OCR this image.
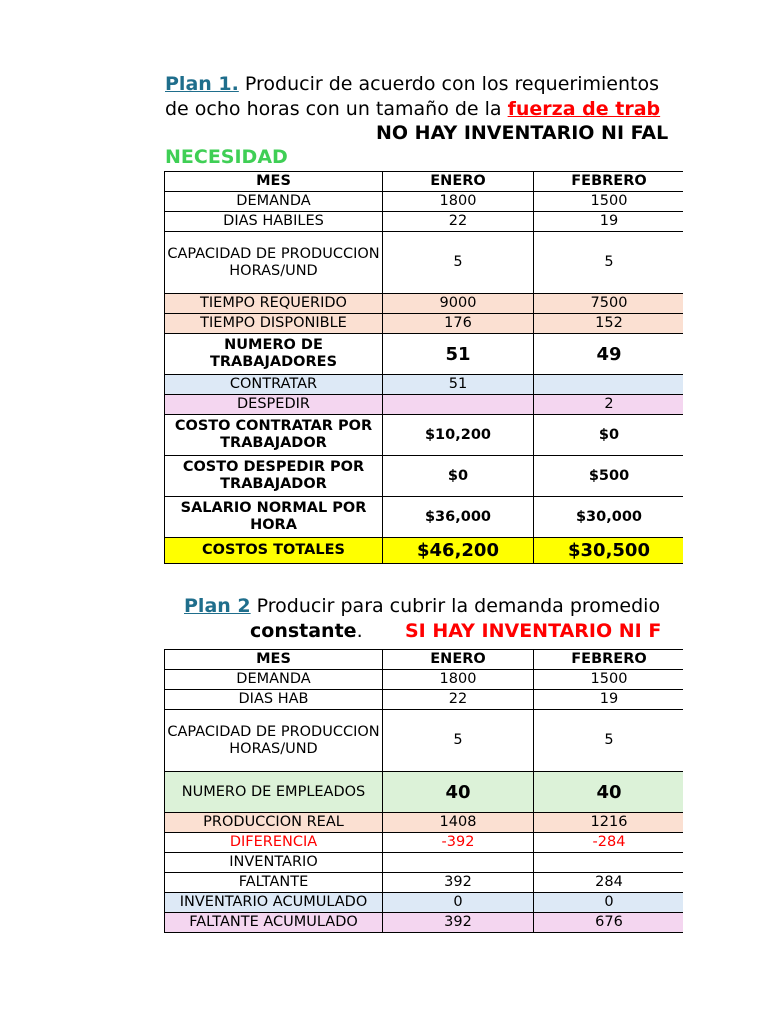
Plan 1. Producir de acuerdo con los requerimientos
de ocho horas con un tamaño de la fuerza de trab
NO HAY INVENTARIO NI FAL
NECESIDAD
MES	ENERO	FEBRERO
DEMANDA	1800	1500
DIAS HABILES	22	19
CAPACIDAD DE PRODUCCION HORAS/UND	5	5
TIEMPO REQUERIDO	9000	7500
TIEMPO DISPONIBLE	176	152
NUMERO DE TRABAJADORES	51	49
CONTRATAR	51	
DESPEDIR		2
COSTO CONTRATAR POR TRABAJADOR	$10,200	$0
COSTO DESPEDIR POR TRABAJADOR	$0	$500
SALARIO NORMAL POR HORA	$36,000	$30,000
COSTOS TOTALES	$46,200	$30,500
Plan 2 Producir para cubrir la demanda promedio
constante. SI HAY INVENTARIO NI F
MES	ENERO	FEBRERO
DEMANDA	1800	1500
DIAS HAB	22	19
CAPACIDAD DE PRODUCCION HORAS/UND	5	5
NUMERO DE EMPLEADOS	40	40
PRODUCCION REAL	1408	1216
DIFERENCIA	-392	-284
INVENTARIO		
FALTANTE	392	284
INVENTARIO ACUMULADO	0	0
FALTANTE ACUMULADO	392	676
